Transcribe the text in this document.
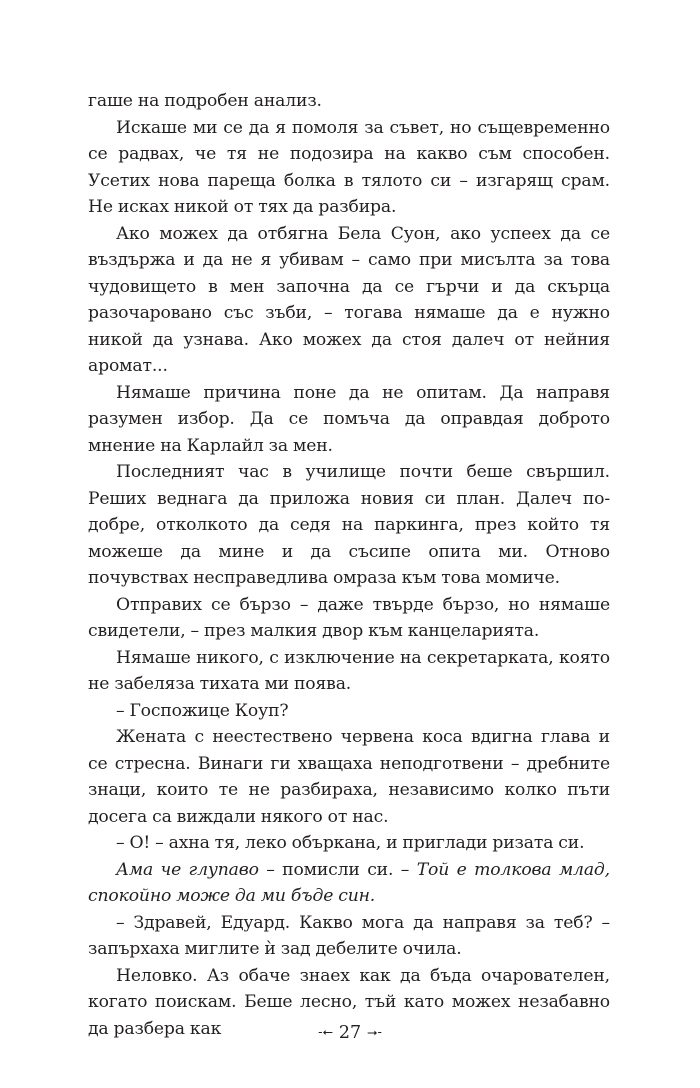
гаше на подробен анализ.

Искаше ми се да я помоля за съвет, но същевременно се радвах, че тя не подозира на какво съм способен. Усетих нова пареща болка в тялото си – изгарящ срам. Не исках никой от тях да разбира.

Ако можех да отбягна Бела Суон, ако успеех да се въздържа и да не я убивам – само при мисълта за това чудовището в мен започна да се гърчи и да скърца разочаровано със зъби, – тогава нямаше да е нужно никой да узнава. Ако можех да стоя далеч от нейния аромат...

Нямаше причина поне да не опитам. Да направя разумен избор. Да се помъча да оправдая доброто мнение на Карлайл за мен.

Последният час в училище почти беше свършил. Реших веднага да приложа новия си план. Далеч по-добре, отколкото да седя на паркинга, през който тя можеше да мине и да съсипе опита ми. Отново почувствах несправедлива омраза към това момиче.

Отправих се бързо – даже твърде бързо, но нямаше свидетели, – през малкия двор към канцеларията.

Нямаше никого, с изключение на секретарката, която не забеляза тихата ми поява.

– Госпожице Коуп?

Жената с неестествено червена коса вдигна глава и се стресна. Винаги ги хващаха неподготвени – дребните знаци, които те не разбираха, независимо колко пъти досега са виждали някого от нас.

– О! – ахна тя, леко объркана, и приглади ризата си.

Ама че глупаво – помисли си. – Той е толкова млад, спокойно може да ми бъде син.

– Здравей, Едуард. Какво мога да направя за теб? – запърхаха миглите ѝ зад дебелите очила.

Неловко. Аз обаче знаех как да бъда очарователен, когато поискам. Беше лесно, тъй като можех незабавно да разбера как	-⭠ 27 ⭢-
